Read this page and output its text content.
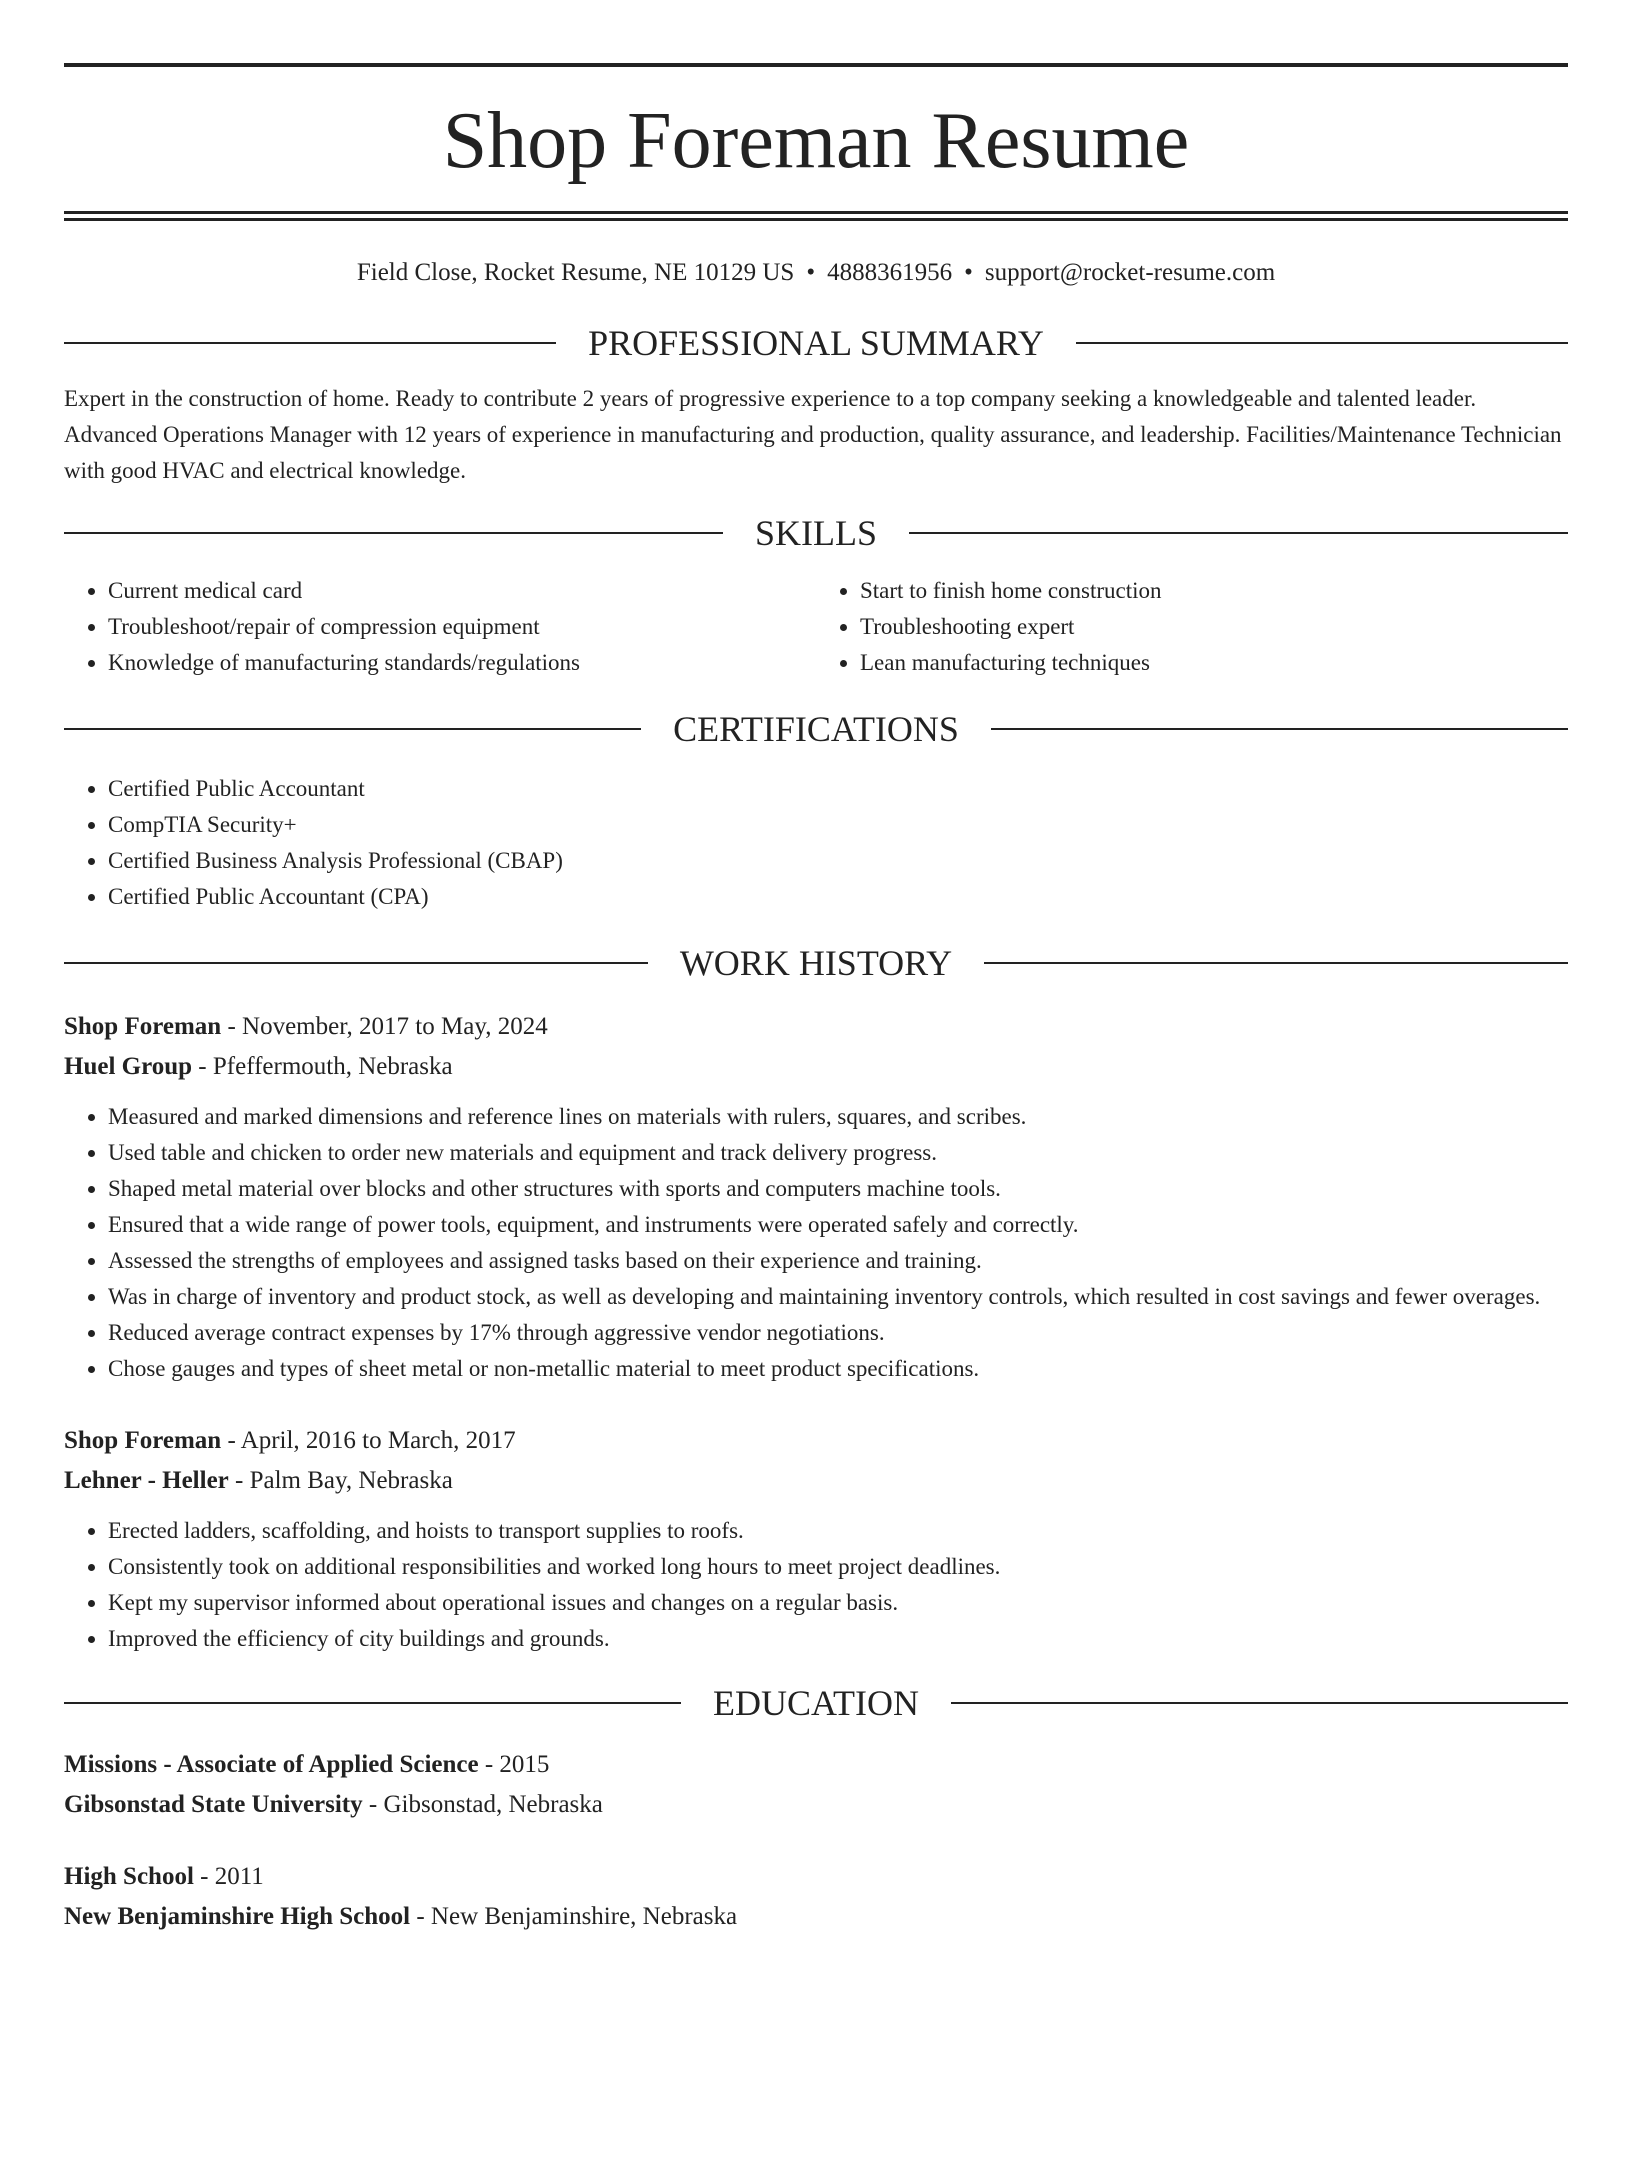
Shop Foreman Resume
Field Close, Rocket Resume, NE 10129 US • 4888361956 • support@rocket-resume.com
PROFESSIONAL SUMMARY
Expert in the construction of home. Ready to contribute 2 years of progressive experience to a top company seeking a knowledgeable and talented leader. Advanced Operations Manager with 12 years of experience in manufacturing and production, quality assurance, and leadership. Facilities/Maintenance Technician with good HVAC and electrical knowledge.
SKILLS
• Current medical card
• Troubleshoot/repair of compression equipment
• Knowledge of manufacturing standards/regulations
• Start to finish home construction
• Troubleshooting expert
• Lean manufacturing techniques
CERTIFICATIONS
• Certified Public Accountant
• CompTIA Security+
• Certified Business Analysis Professional (CBAP)
• Certified Public Accountant (CPA)
WORK HISTORY
Shop Foreman - November, 2017 to May, 2024
Huel Group - Pfeffermouth, Nebraska
• Measured and marked dimensions and reference lines on materials with rulers, squares, and scribes.
• Used table and chicken to order new materials and equipment and track delivery progress.
• Shaped metal material over blocks and other structures with sports and computers machine tools.
• Ensured that a wide range of power tools, equipment, and instruments were operated safely and correctly.
• Assessed the strengths of employees and assigned tasks based on their experience and training.
• Was in charge of inventory and product stock, as well as developing and maintaining inventory controls, which resulted in cost savings and fewer overages.
• Reduced average contract expenses by 17% through aggressive vendor negotiations.
• Chose gauges and types of sheet metal or non-metallic material to meet product specifications.
Shop Foreman - April, 2016 to March, 2017
Lehner - Heller - Palm Bay, Nebraska
• Erected ladders, scaffolding, and hoists to transport supplies to roofs.
• Consistently took on additional responsibilities and worked long hours to meet project deadlines.
• Kept my supervisor informed about operational issues and changes on a regular basis.
• Improved the efficiency of city buildings and grounds.
EDUCATION
Missions - Associate of Applied Science - 2015
Gibsonstad State University - Gibsonstad, Nebraska
High School - 2011
New Benjaminshire High School - New Benjaminshire, Nebraska
